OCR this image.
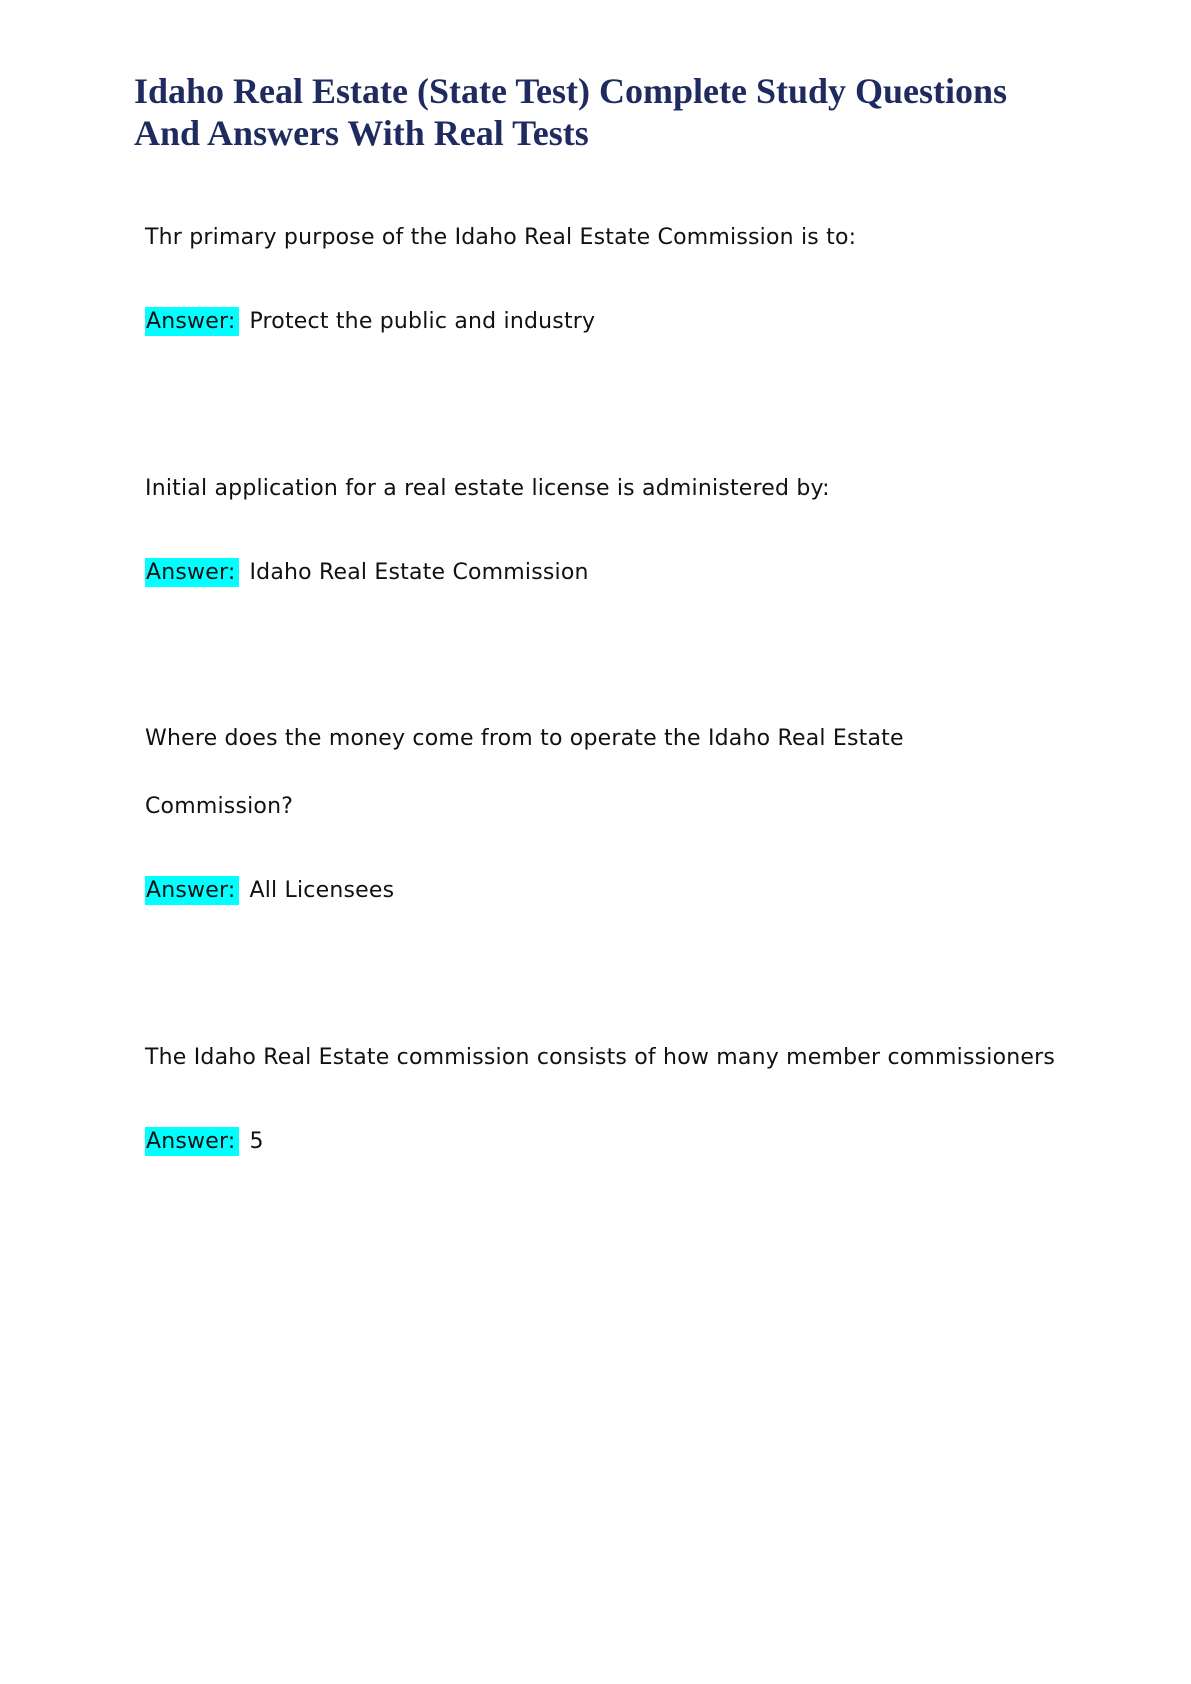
Idaho Real Estate (State Test) Complete Study Questions And Answers With Real Tests

Thr primary purpose of the Idaho Real Estate Commission is to:

Answer: Protect the public and industry

Initial application for a real estate license is administered by:

Answer: Idaho Real Estate Commission

Where does the money come from to operate the Idaho Real Estate

Commission?

Answer: All Licensees

The Idaho Real Estate commission consists of how many member commissioners

Answer: 5
